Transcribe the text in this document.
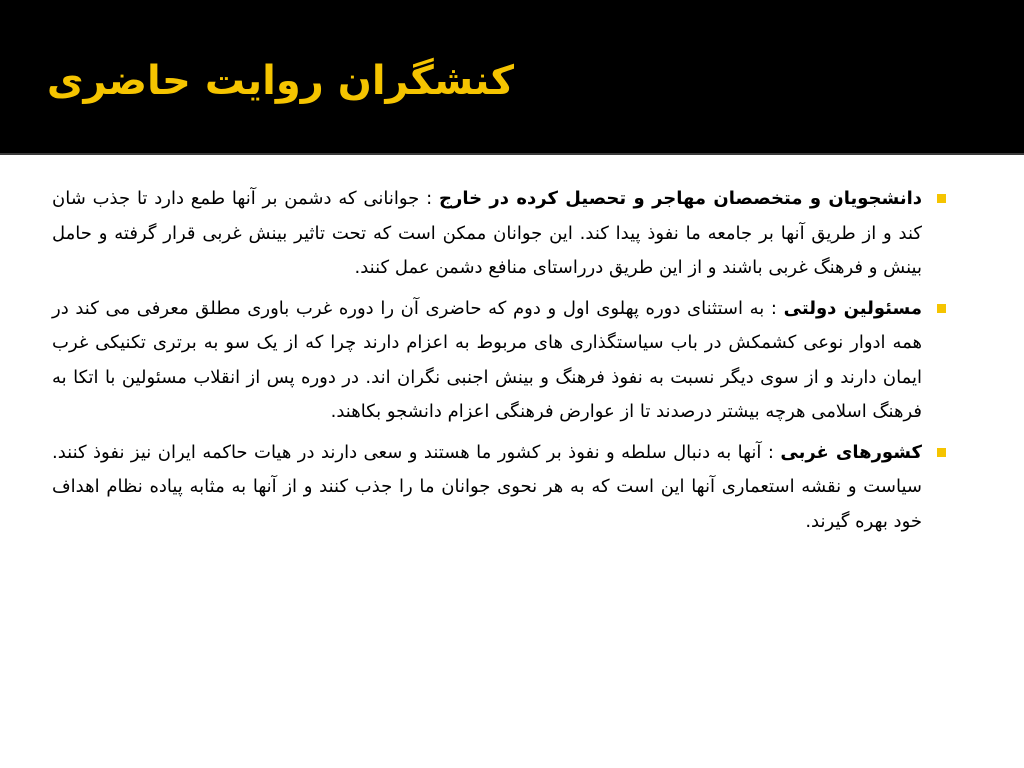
کنشگران روایت حاضری
دانشجویان و متخصصان مهاجر و تحصیل کرده در خارج : جوانانی که دشمن بر آنها طمع دارد تا جذب شان کند و از طریق آنها بر جامعه ما نفوذ پیدا کند. این جوانان ممکن است که تحت تاثیر بینش غربی قرار گرفته و حامل بینش و فرهنگ غربی باشند و از این طریق درراستای منافع دشمن عمل کنند.
مسئولین دولتی : به استثنای دوره پهلوی اول و دوم که حاضری آن را دوره غرب باوری مطلق معرفی می کند در همه ادوار نوعی کشمکش در باب سیاستگذاری های مربوط به اعزام دارند چرا که از یک سو به برتری تکنیکی غرب ایمان دارند و از سوی دیگر نسبت به نفوذ فرهنگ و بینش اجنبی نگران اند. در دوره پس از انقلاب مسئولین با اتکا به فرهنگ اسلامی هرچه بیشتر درصدند تا از عوارض فرهنگی اعزام دانشجو بکاهند.
کشورهای غربی : آنها به دنبال سلطه و نفوذ بر کشور ما هستند و سعی دارند در هیات حاکمه ایران نیز نفوذ کنند. سیاست و نقشه استعماری آنها این است که به هر نحوی جوانان ما را جذب کنند و از آنها به مثابه پیاده نظام اهداف خود بهره گیرند.
